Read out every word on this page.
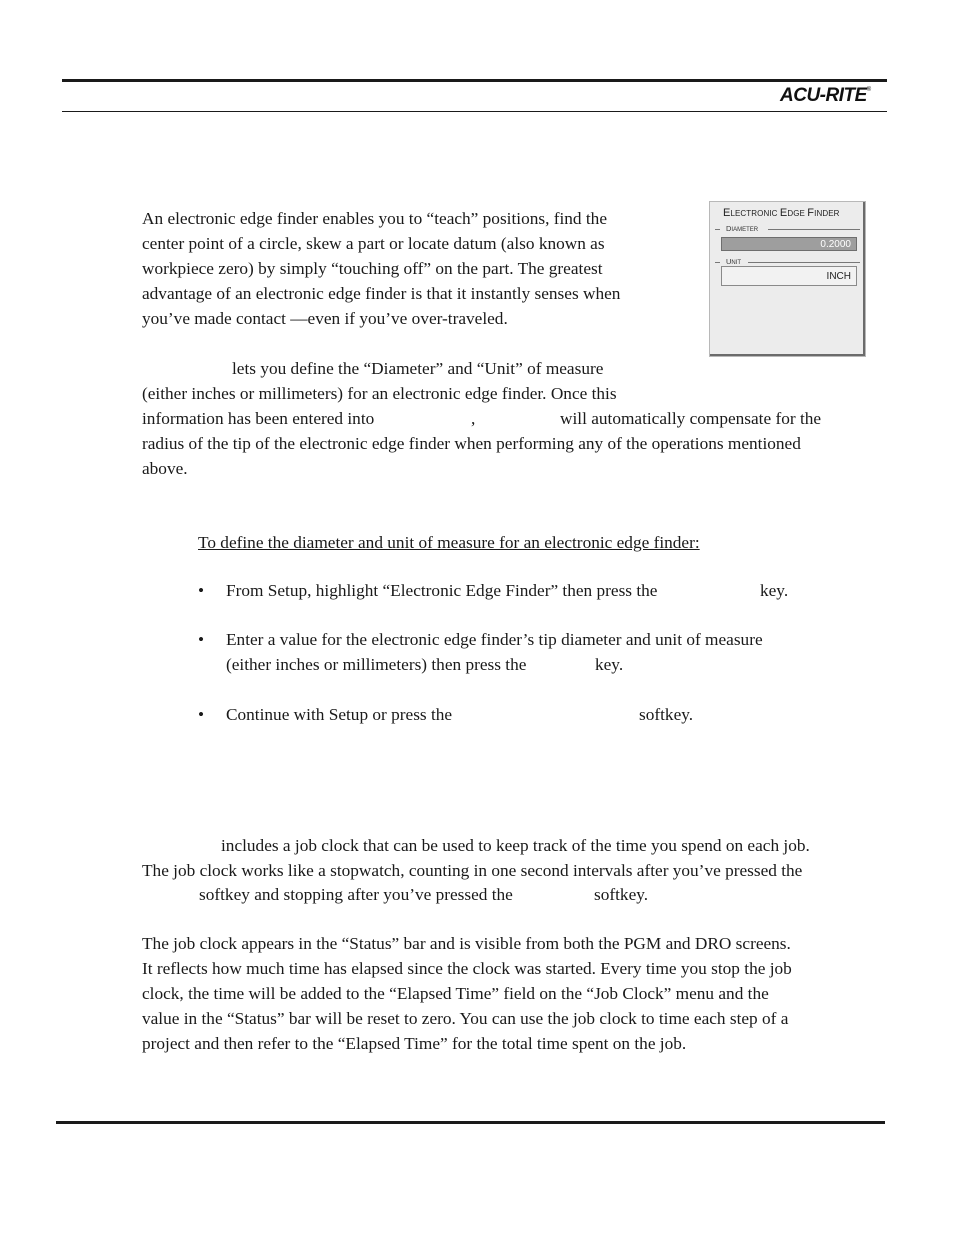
ACU-RITE®
An electronic edge finder enables you to “teach” positions, find the
center point of a circle, skew a part or locate datum (also known as
workpiece zero) by simply “touching off” on the part. The greatest
advantage of an electronic edge finder is that it instantly senses when
you’ve made contact —even if you’ve over-traveled.
ELECTRONIC EDGE FINDER
DIAMETER
0.2000
UNIT
INCH
lets you define the “Diameter” and “Unit” of measure
(either inches or millimeters) for an electronic edge finder. Once this
information has been entered into	,	will automatically compensate for the
radius of the tip of the electronic edge finder when performing any of the operations mentioned
above.
To define the diameter and unit of measure for an electronic edge finder:
• From Setup, highlight “Electronic Edge Finder” then press the	key.
• Enter a value for the electronic edge finder’s tip diameter and unit of measure
(either inches or millimeters) then press the	key.
• Continue with Setup or press the	softkey.
includes a job clock that can be used to keep track of the time you spend on each job.
The job clock works like a stopwatch, counting in one second intervals after you’ve pressed the
softkey and stopping after you’ve pressed the	softkey.
The job clock appears in the “Status” bar and is visible from both the PGM and DRO screens.
It reflects how much time has elapsed since the clock was started. Every time you stop the job
clock, the time will be added to the “Elapsed Time” field on the “Job Clock” menu and the
value in the “Status” bar will be reset to zero. You can use the job clock to time each step of a
project and then refer to the “Elapsed Time” for the total time spent on the job.
